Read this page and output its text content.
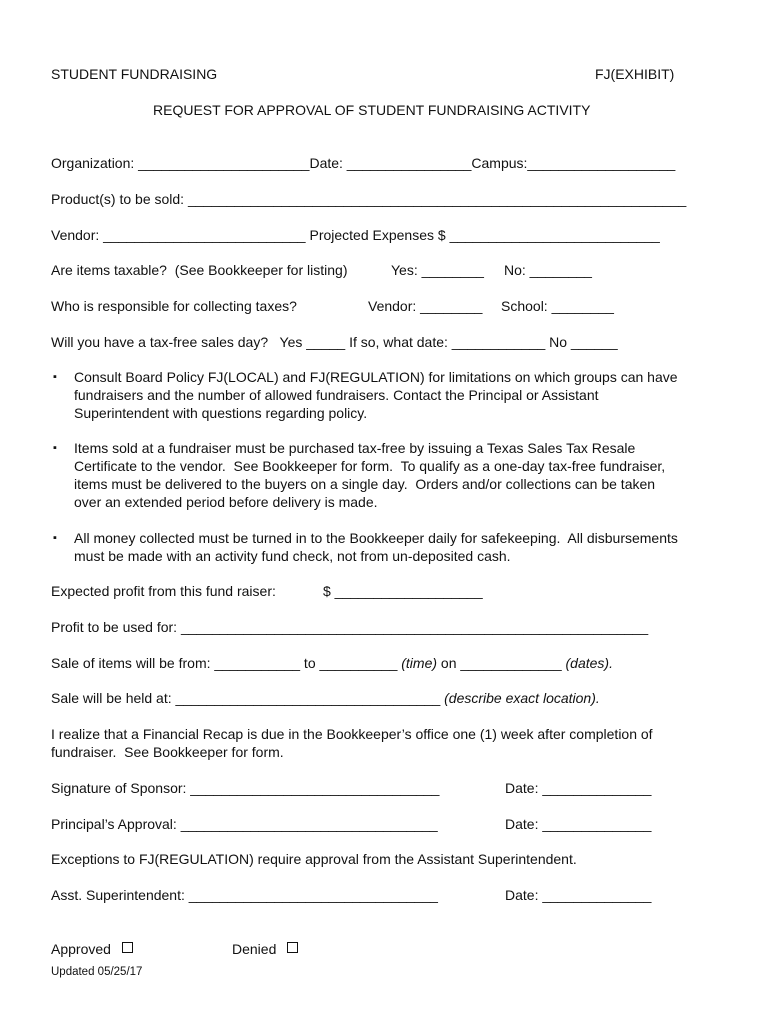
STUDENT FUNDRAISING	FJ(EXHIBIT)
REQUEST FOR APPROVAL OF STUDENT FUNDRAISING ACTIVITY
Organization: ______________________Date: ________________Campus:___________________
Product(s) to be sold: ________________________________________________________________
Vendor: __________________________ Projected Expenses $ ___________________________
Are items taxable?  (See Bookkeeper for listing)	Yes: ________ No: ________
Who is responsible for collecting taxes?	Vendor: ________ School: ________
Will you have a tax-free sales day?   Yes _____ If so, what date: ____________ No ______
▪ Consult Board Policy FJ(LOCAL) and FJ(REGULATION) for limitations on which groups can have
fundraisers and the number of allowed fundraisers. Contact the Principal or Assistant
Superintendent with questions regarding policy.
▪ Items sold at a fundraiser must be purchased tax-free by issuing a Texas Sales Tax Resale
Certificate to the vendor.  See Bookkeeper for form.  To qualify as a one-day tax-free fundraiser,
items must be delivered to the buyers on a single day.  Orders and/or collections can be taken
over an extended period before delivery is made.
▪ All money collected must be turned in to the Bookkeeper daily for safekeeping.  All disbursements
must be made with an activity fund check, not from un-deposited cash.
Expected profit from this fund raiser:	$ ___________________
Profit to be used for: ____________________________________________________________
Sale of items will be from: ___________ to __________ (time) on _____________ (dates).
Sale will be held at: __________________________________ (describe exact location).
I realize that a Financial Recap is due in the Bookkeeper’s office one (1) week after completion of
fundraiser.  See Bookkeeper for form.
Signature of Sponsor: ________________________________	Date: ______________
Principal’s Approval: _________________________________	Date: ______________
Exceptions to FJ(REGULATION) require approval from the Assistant Superintendent.
Asst. Superintendent: ________________________________	Date: ______________
Approved	Denied
Updated 05/25/17
